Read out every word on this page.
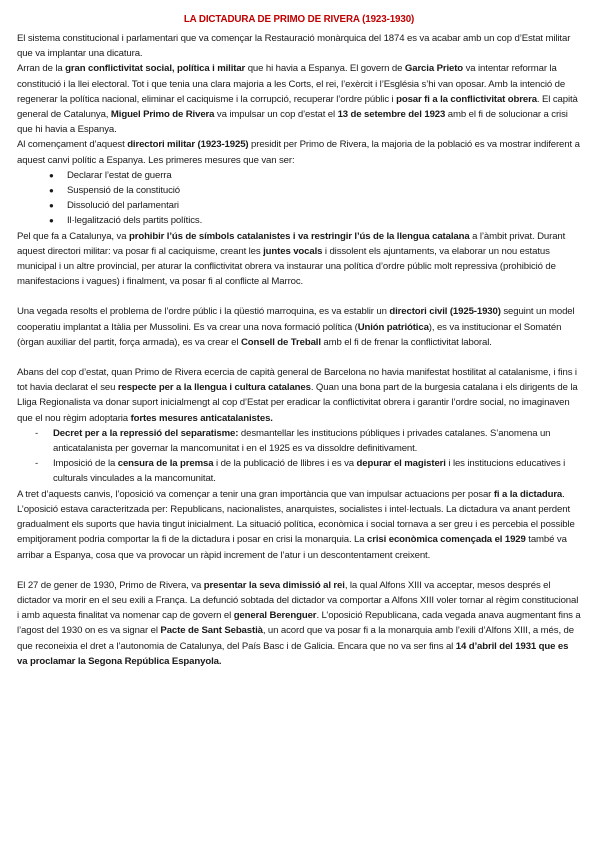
LA DICTADURA DE PRIMO DE RIVERA (1923-1930)

El sistema constitucional i parlamentari que va començar la Restauració monàrquica del 1874 es va acabar amb un cop d’Estat militar que va implantar una dicatura.

Arran de la gran conflictivitat social, política i militar que hi havia a Espanya. El govern de Garcia Prieto va intentar reformar la constitució i la llei electoral. Tot i que tenia una clara majoria a les Corts, el rei, l’exèrcit i l’Església s’hi van oposar. Amb la intenció de regenerar la política nacional, eliminar el caciquisme i la corrupció, recuperar l’ordre públic i posar fi a la conflictivitat obrera. El capità general de Catalunya, Miguel Primo de Rivera va impulsar un cop d’estat el 13 de setembre del 1923 amb el fi de solucionar a crisi que hi havia a Espanya.

Al començament d’aquest directori militar (1923-1925) presidit per Primo de Rivera, la majoria de la població es va mostrar indiferent a aquest canvi polític a Espanya. Les primeres mesures que van ser:

● Declarar l’estat de guerra
● Suspensió de la constitució
● Dissolució del parlamentari
● Il·legalització dels partits polítics.

Pel que fa a Catalunya, va prohibir l’ús de símbols catalanistes i va restringir l’ús de la llengua catalana a l’àmbit privat. Durant aquest directori militar: va posar fi al caciquisme, creant les juntes vocals i dissolent els ajuntaments, va elaborar un nou estatus municipal i un altre provincial, per aturar la conflictivitat obrera va instaurar una política d’ordre públic molt repressiva (prohibició de manifestacions i vagues) i finalment, va posar fi al conflicte al Marroc.

Una vegada resolts el problema de l’ordre públic i la qüestió marroquina, es va establir un directori civil (1925-1930) seguint un model cooperatiu implantat a Itàlia per Mussolini. Es va crear una nova formació política (Unión patriótica), es va institucionar el Somatén (òrgan auxiliar del partit, força armada), es va crear el Consell de Treball amb el fi de frenar la conflictivitat laboral.

Abans del cop d’estat, quan Primo de Rivera ecercia de capità general de Barcelona no havia manifestat hostilitat al catalanisme, i fins i tot havia declarat el seu respecte per a la llengua i cultura catalanes. Quan una bona part de la burgesia catalana i els dirigents de la Lliga Regionalista va donar suport inicialmengt al cop d’Estat per eradicar la conflictivitat obrera i garantir l’ordre social, no imaginaven que el nou règim adoptaria fortes mesures anticatalanistes.

- Decret per a la repressió del separatisme: desmantellar les institucions públiques i privades catalanes. S’anomena un anticatalanista per governar la mancomunitat i en el 1925 es va dissoldre definitivament.
- Imposició de la censura de la premsa i de la publicació de llibres i es va depurar el magisteri i les institucions educatives i culturals vinculades a la mancomunitat.

A tret d’aquests canvis, l’oposició va començar a tenir una gran importància que van impulsar actuacions per posar fi a la dictadura. L’oposició estava caracteritzada per: Republicans, nacionalistes, anarquistes, socialistes i intel·lectuals. La dictadura va anant perdent gradualment els suports que havia tingut inicialment. La situació política, econòmica i social tornava a ser greu i es percebia el possible empitjorament podria comportar la fi de la dictadura i posar en crisi la monarquia. La crisi econòmica començada el 1929 també va arribar a Espanya, cosa que va provocar un ràpid increment de l’atur i un descontentament creixent.

El 27 de gener de 1930, Primo de Rivera, va presentar la seva dimissió al rei, la qual Alfons XIII va acceptar, mesos després el dictador va morir en el seu exili a França. La defunció sobtada del dictador va comportar a Alfons XIII voler tornar al règim constitucional i amb aquesta finalitat va nomenar cap de govern el general Berenguer. L’oposició Republicana, cada vegada anava augmentant fins a l’agost del 1930 on es va signar el Pacte de Sant Sebastià, un acord que va posar fi a la monarquia amb l’exili d’Alfons XIII, a més, de que reconeixia el dret a l’autonomia de Catalunya, del País Basc i de Galicia. Encara que no va ser fins al 14 d’abril del 1931 que es va proclamar la Segona República Espanyola.
